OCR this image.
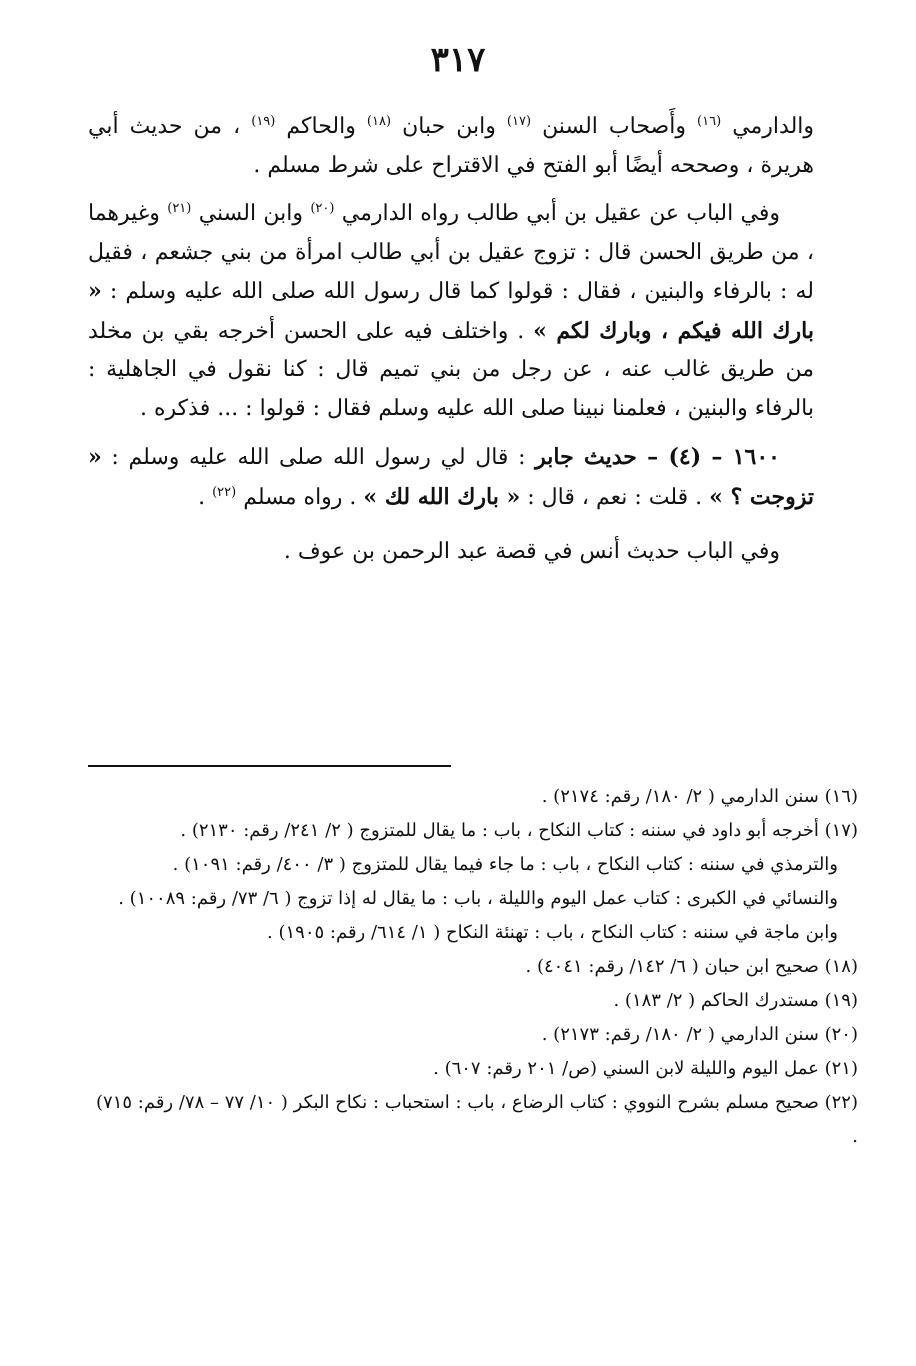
٣١٧

والدارمي $^{(١٦)}$ وأَصحاب السنن $^{(١٧)}$ وابن حبان $^{(١٨)}$ والحاكم $^{(١٩)}$ ، من حديث أبي هريرة ، وصححه أيضًا أبو الفتح في الاقتراح على شرط مسلم .

وفي الباب عن عقيل بن أبي طالب رواه الدارمي $^{(٢٠)}$ وابن السني $^{(٢١)}$ وغيرهما ، من طريق الحسن قال : تزوج عقيل بن أبي طالب امرأة من بني جشعم ، فقيل له : بالرفاء والبنين ، فقال : قولوا كما قال رسول الله صلى الله عليه وسلم : « بارك الله فيكم ، وبارك لكم » . واختلف فيه على الحسن أخرجه بقي بن مخلد من طريق غالب عنه ، عن رجل من بني تميم قال : كنا نقول في الجاهلية : بالرفاء والبنين ، فعلمنا نبينا صلى الله عليه وسلم فقال : قولوا : ... فذكره .

١٦٠٠ – (٤) – حديث جابر : قال لي رسول الله صلى الله عليه وسلم : « تزوجت ؟ » . قلت : نعم ، قال : « بارك الله لك » . رواه مسلم $^{(٢٢)}$ .

وفي الباب حديث أنس في قصة عبد الرحمن بن عوف .

(١٦) سنن الدارمي ( ٢/ ١٨٠/ رقم: ٢١٧٤) .

(١٧) أخرجه أبو داود في سننه : كتاب النكاح ، باب : ما يقال للمتزوج ( ٢/ ٢٤١/ رقم: ٢١٣٠) .

والترمذي في سننه : كتاب النكاح ، باب : ما جاء فيما يقال للمتزوج ( ٣/ ٤٠٠/ رقم: ١٠٩١) .

والنسائي في الكبرى : كتاب عمل اليوم والليلة ، باب : ما يقال له إذا تزوج ( ٦/ ٧٣/ رقم: ١٠٠٨٩) .

وابن ماجة في سننه : كتاب النكاح ، باب : تهنئة النكاح ( ١/ ٦١٤/ رقم: ١٩٠٥) .

(١٨) صحيح ابن حبان ( ٦/ ١٤٢/ رقم: ٤٠٤١) .

(١٩) مستدرك الحاكم ( ٢/ ١٨٣) .

(٢٠) سنن الدارمي ( ٢/ ١٨٠/ رقم: ٢١٧٣) .

(٢١) عمل اليوم والليلة لابن السني (ص/ ٢٠١ رقم: ٦٠٧) .

(٢٢) صحيح مسلم بشرح النووي : كتاب الرضاع ، باب : استحباب : نكاح البكر ( ١٠/ ٧٧ – ٧٨/ رقم: ٧١٥) .
